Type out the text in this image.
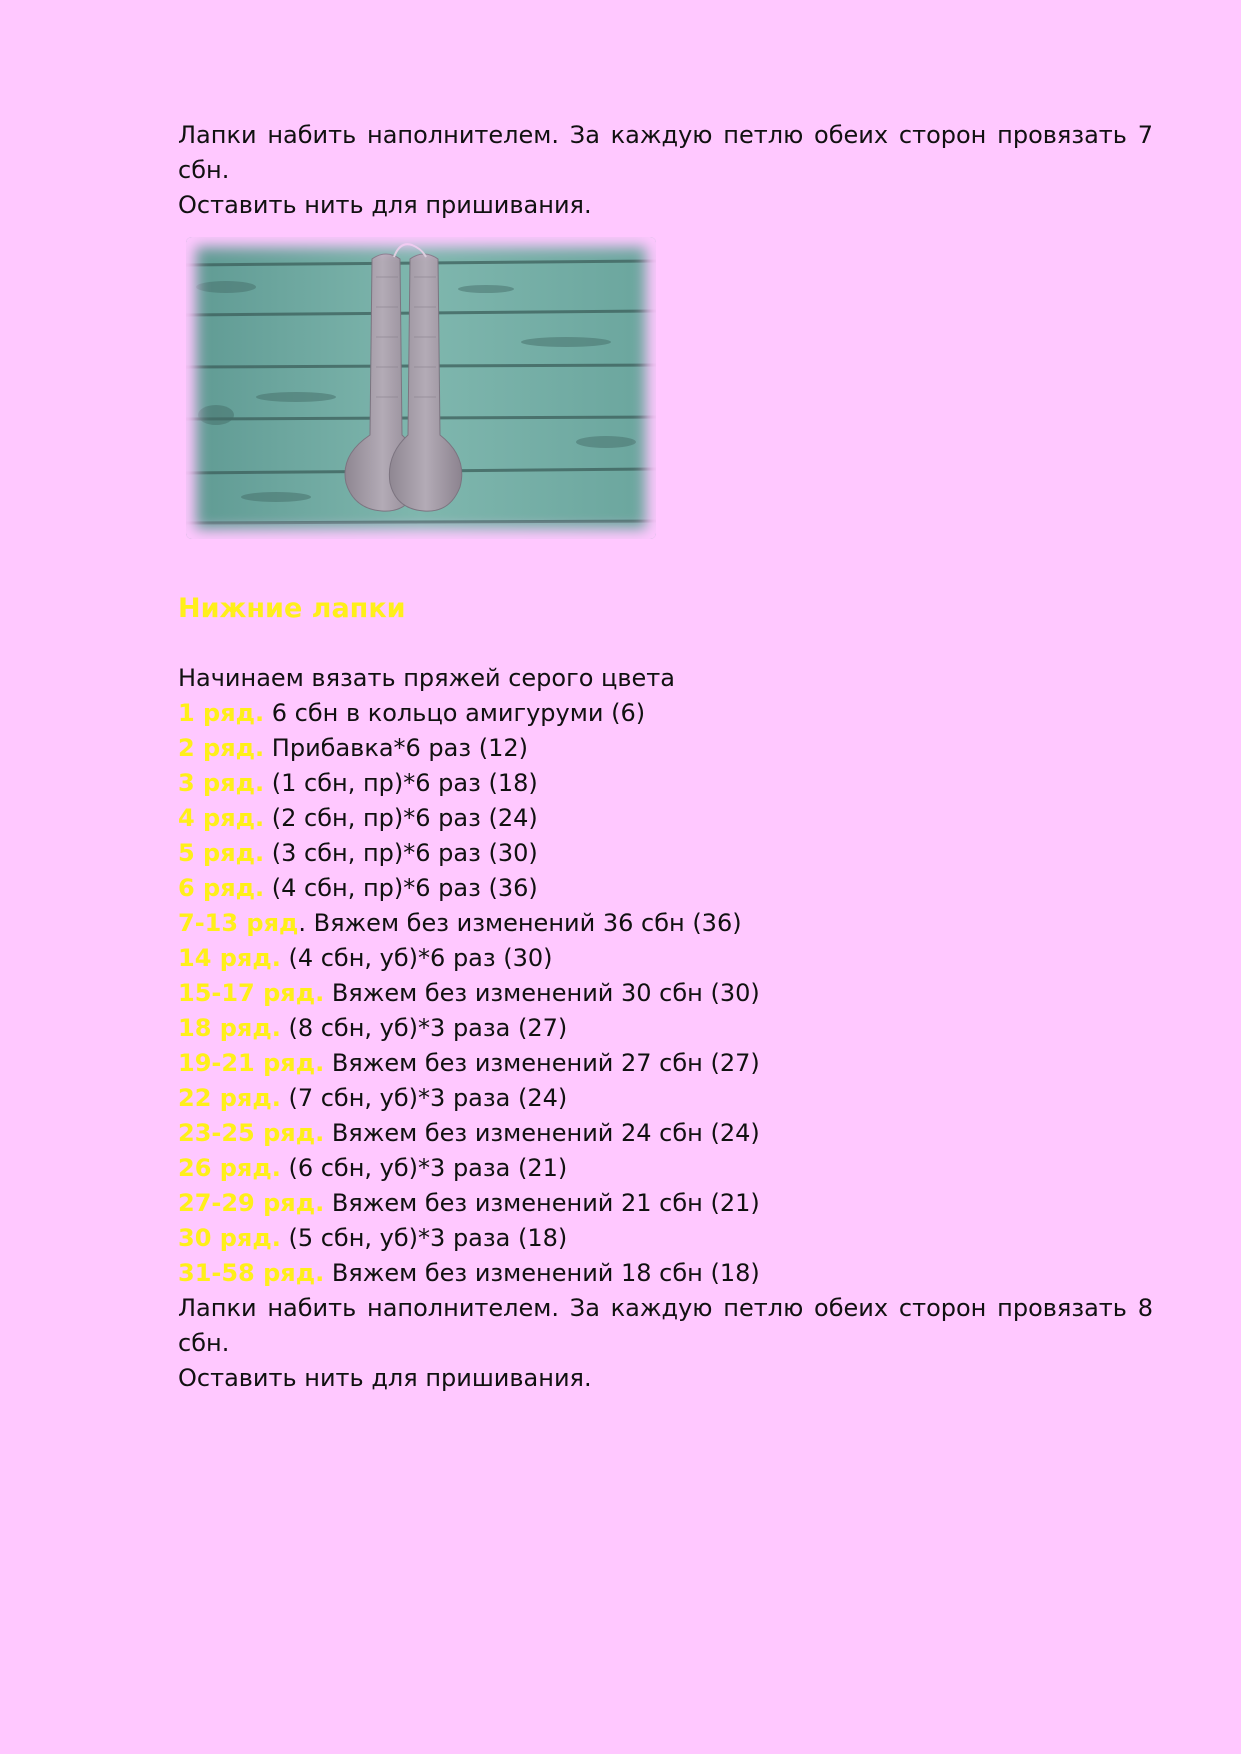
Лапки набить наполнителем. За каждую петлю обеих сторон провязать 7 сбн.

Оставить нить для пришивания.

Нижние лапки

Начинаем вязать пряжей серого цвета

1 ряд. 6 сбн в кольцо амигуруми (6)
2 ряд. Прибавка*6 раз (12)
3 ряд. (1 сбн, пр)*6 раз (18)
4 ряд. (2 сбн, пр)*6 раз (24)
5 ряд. (3 сбн, пр)*6 раз (30)
6 ряд. (4 сбн, пр)*6 раз (36)
7-13 ряд. Вяжем без изменений 36 сбн (36)
14 ряд. (4 сбн, уб)*6 раз (30)
15-17 ряд. Вяжем без изменений 30 сбн (30)
18 ряд. (8 сбн, уб)*3 раза (27)
19-21 ряд. Вяжем без изменений 27 сбн (27)
22 ряд. (7 сбн, уб)*3 раза (24)
23-25 ряд. Вяжем без изменений 24 сбн (24)
26 ряд. (6 сбн, уб)*3 раза (21)
27-29 ряд. Вяжем без изменений 21 сбн (21)
30 ряд. (5 сбн, уб)*3 раза (18)
31-58 ряд. Вяжем без изменений 18 сбн (18)

Лапки набить наполнителем. За каждую петлю обеих сторон провязать 8 сбн.

Оставить нить для пришивания.
